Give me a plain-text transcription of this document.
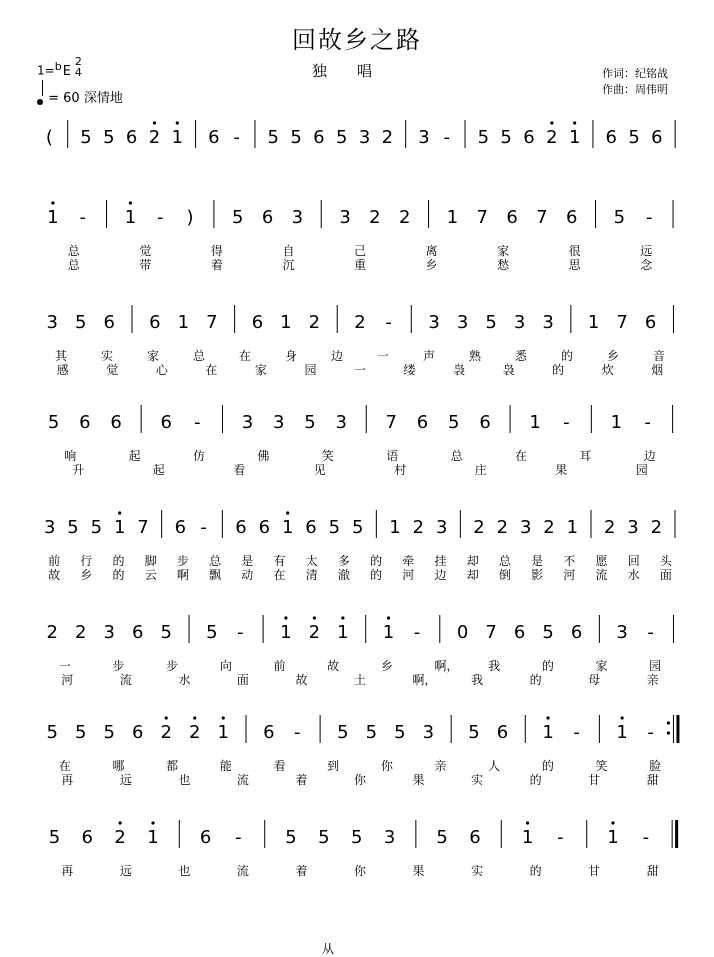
回故乡之路
独唱
1=bE2
4
= 60 深情地
作词：纪铭战
作曲：周伟明
( 5 5 6 2 1 6 - 5 5 6 5 3 2 3 - 5 5 6 2 1 6 5 6
1 - 1 - ) 5 6 3 3 2 2 1 7 6 7 6 5 -
总	觉	得	自	己	离	家	很	远
总	带	着	沉	重	乡	愁	思	念
3 5 6 6 1 7 6 1 2 2 - 3 3 5 3 3 1 7 6
其	实	家	总	在	身	边	一	声	熟	悉	的	乡	音
感	觉	心	在	家	园	一	缕	袅	袅	的	炊	烟
5 6 6 6 - 3 3 5 3 7 6 5 6 1 - 1 -
响	起	仿	佛	笑	语	总	在	耳	边
升	起	看	见	村	庄	果	园
3 5 5 1 7 6 - 6 6 1 6 5 5 1 2 3 2 2 3 2 1 2 3 2
前 行 的 脚 步 总 是 有 太 多 的 牵 挂 却 总 是 不 愿 回 头
故 乡 的 云 啊 飘 动 在 清 澈 的 河 边 却 倒 影 河 流 水 面
2 2 3 6 5 5 - 1 2 1 1 - 0 7 6 5 6 3 -
一	步	步	向	前	故	乡	啊， 我	的	家	园
河	流	水	面	故	土	啊，	我	的	母	亲
5 5 5 6 2 2 1 6 - 5 5 5 3 5 6 1 - 1 -
在	哪	都	能	看	到	你	亲	人	的	笑	脸
再	远	也	流	着	你	果	实	的	甘	甜
5 6 2 1 6 - 5 5 5 3 5 6 1 - 1 -
再	远	也	流	着	你	果	实	的	甘	甜
从
